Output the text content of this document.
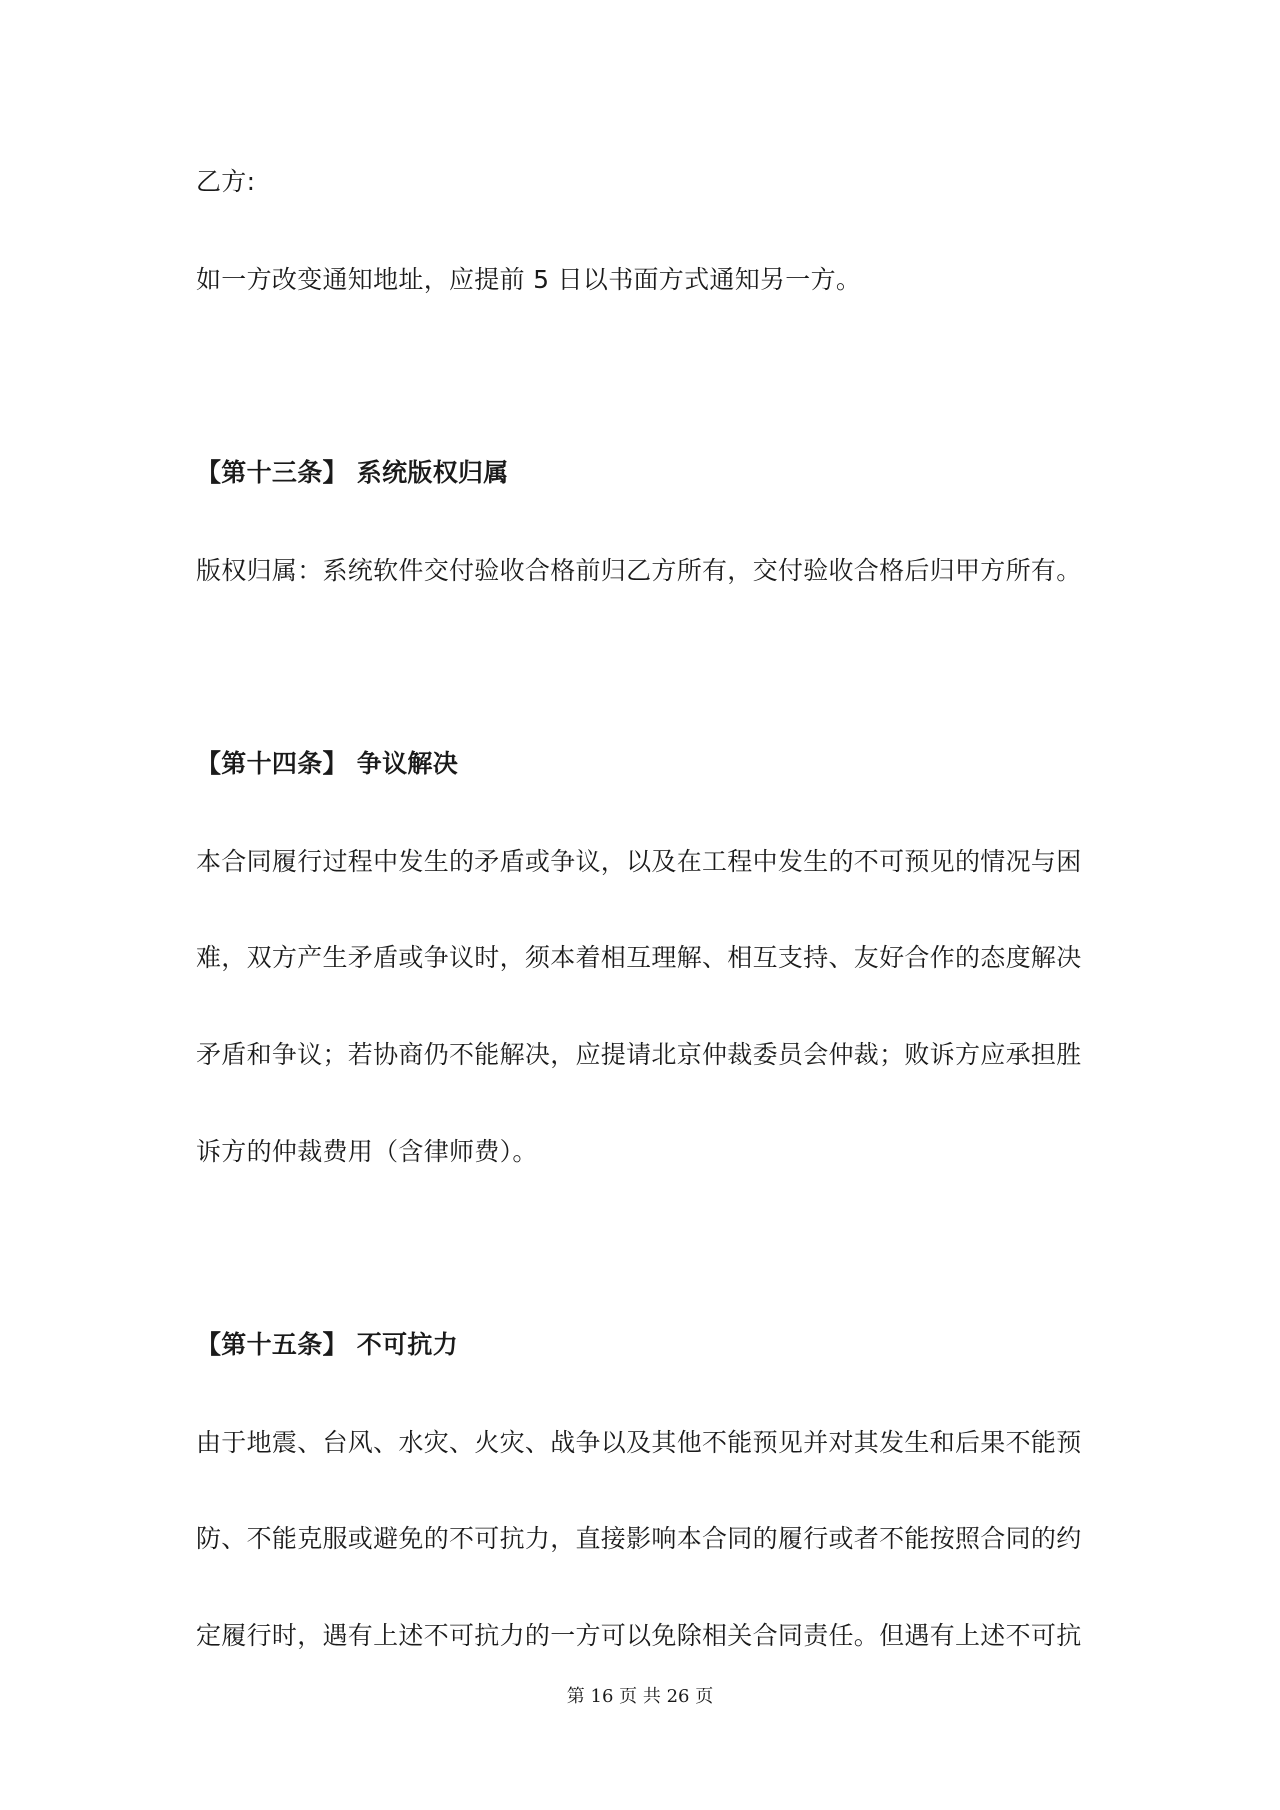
乙方:
如一方改变通知地址，应提前 5 日以书面方式通知另一方。
【第十三条】 系统版权归属
版权归属：系统软件交付验收合格前归乙方所有，交付验收合格后归甲方所有。
【第十四条】 争议解决
本合同履行过程中发生的矛盾或争议，以及在工程中发生的不可预见的情况与困
难，双方产生矛盾或争议时，须本着相互理解、相互支持、友好合作的态度解决
矛盾和争议；若协商仍不能解决，应提请北京仲裁委员会仲裁；败诉方应承担胜
诉方的仲裁费用（含律师费）。
【第十五条】 不可抗力
由于地震、台风、水灾、火灾、战争以及其他不能预见并对其发生和后果不能预
防、不能克服或避免的不可抗力，直接影响本合同的履行或者不能按照合同的约
定履行时，遇有上述不可抗力的一方可以免除相关合同责任。但遇有上述不可抗
第 16 页 共 26 页
